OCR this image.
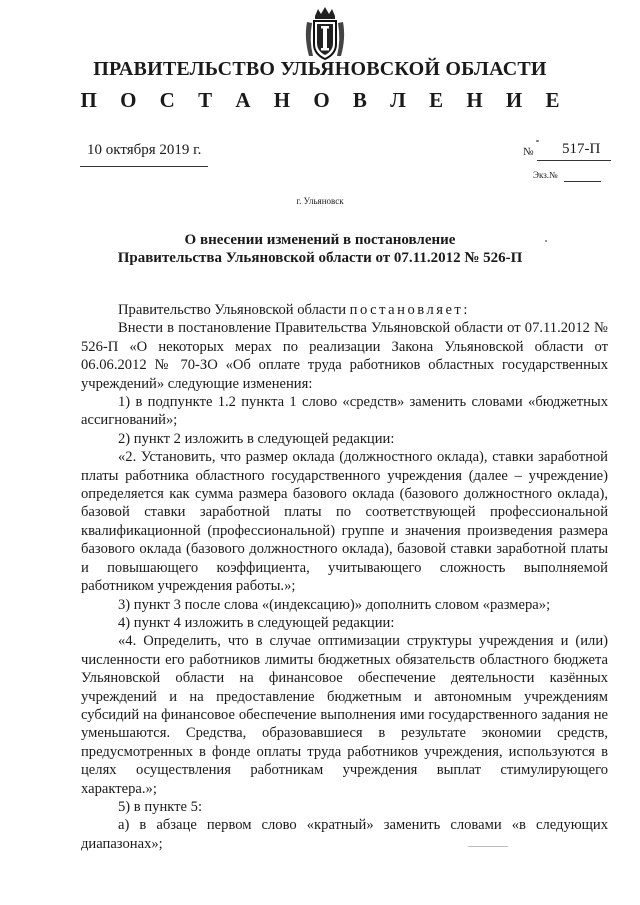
ПРАВИТЕЛЬСТВО УЛЬЯНОВСКОЙ ОБЛАСТИ
П О С Т А Н О В Л Е Н И Е
10 октября 2019 г.	№ 517-П
Экз.№
г. Ульяновск
О внесении изменений в постановление
Правительства Ульяновской области от 07.11.2012 № 526-П

Правительство Ульяновской области постановляет:

Внести в постановление Правительства Ульяновской области от 07.11.2012 № 526-П «О некоторых мерах по реализации Закона Ульяновской области от 06.06.2012 № 70-ЗО «Об оплате труда работников областных государственных учреждений» следующие изменения:

1) в подпункте 1.2 пункта 1 слово «средств» заменить словами «бюджетных ассигнований»;

2) пункт 2 изложить в следующей редакции:

«2. Установить, что размер оклада (должностного оклада), ставки заработной платы работника областного государственного учреждения (далее – учреждение) определяется как сумма размера базового оклада (базового должностного оклада), базовой ставки заработной платы по соответствующей профессиональной квалификационной (профессиональной) группе и значения произведения размера базового оклада (базового должностного оклада), базовой ставки заработной платы и повышающего коэффициента, учитывающего сложность выполняемой работником учреждения работы.»;

3) пункт 3 после слова «(индексацию)» дополнить словом «размера»;

4) пункт 4 изложить в следующей редакции:

«4. Определить, что в случае оптимизации структуры учреждения и (или) численности его работников лимиты бюджетных обязательств областного бюджета Ульяновской области на финансовое обеспечение деятельности казённых учреждений и на предоставление бюджетным и автономным учреждениям субсидий на финансовое обеспечение выполнения ими государственного задания не уменьшаются. Средства, образовавшиеся в результате экономии средств, предусмотренных в фонде оплаты труда работников учреждения, используются в целях осуществления работникам учреждения выплат стимулирующего характера.»;

5) в пункте 5:

а) в абзаце первом слово «кратный» заменить словами «в следующих диапазонах»;
